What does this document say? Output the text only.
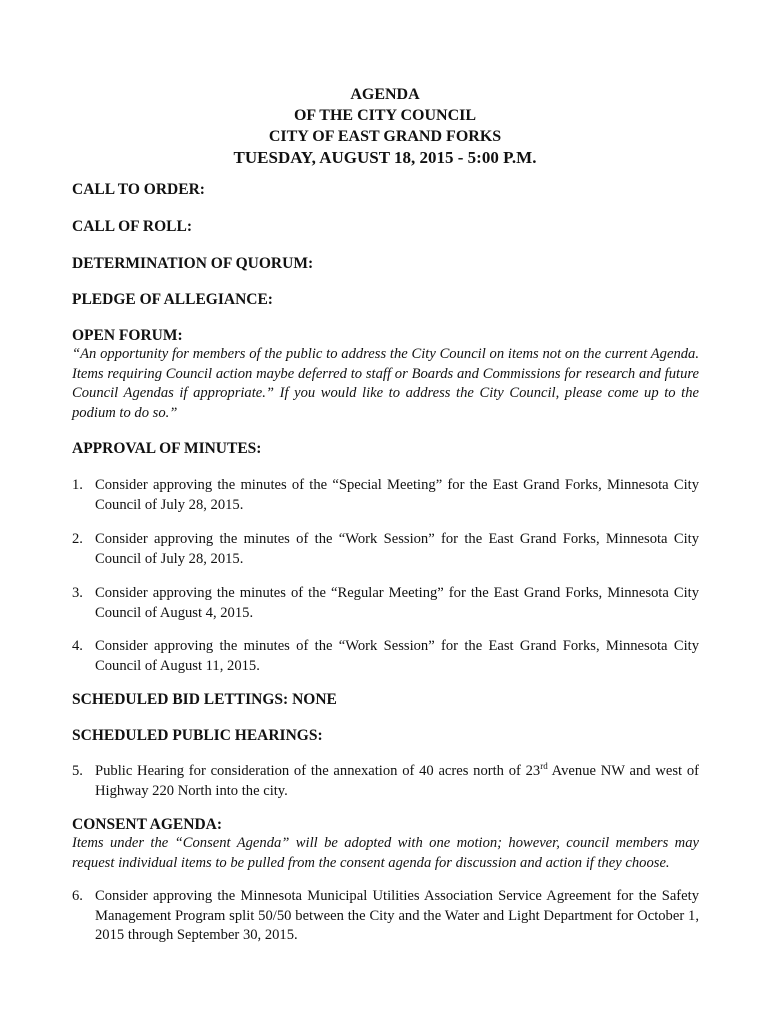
AGENDA
OF THE CITY COUNCIL
CITY OF EAST GRAND FORKS
TUESDAY, AUGUST 18, 2015 - 5:00 P.M.
CALL TO ORDER:
CALL OF ROLL:
DETERMINATION OF QUORUM:
PLEDGE OF ALLEGIANCE:
OPEN FORUM:
“An opportunity for members of the public to address the City Council on items not on the current Agenda. Items requiring Council action maybe deferred to staff or Boards and Commissions for research and future Council Agendas if appropriate.” If you would like to address the City Council, please come up to the podium to do so.”
APPROVAL OF MINUTES:
1. Consider approving the minutes of the “Special Meeting” for the East Grand Forks, Minnesota City Council of July 28, 2015.
2. Consider approving the minutes of the “Work Session” for the East Grand Forks, Minnesota City Council of July 28, 2015.
3. Consider approving the minutes of the “Regular Meeting” for the East Grand Forks, Minnesota City Council of August 4, 2015.
4. Consider approving the minutes of the “Work Session” for the East Grand Forks, Minnesota City Council of August 11, 2015.
SCHEDULED BID LETTINGS: NONE
SCHEDULED PUBLIC HEARINGS:
5. Public Hearing for consideration of the annexation of 40 acres north of 23rd Avenue NW and west of Highway 220 North into the city.
CONSENT AGENDA:
Items under the “Consent Agenda” will be adopted with one motion; however, council members may request individual items to be pulled from the consent agenda for discussion and action if they choose.
6. Consider approving the Minnesota Municipal Utilities Association Service Agreement for the Safety Management Program split 50/50 between the City and the Water and Light Department for October 1, 2015 through September 30, 2015.
